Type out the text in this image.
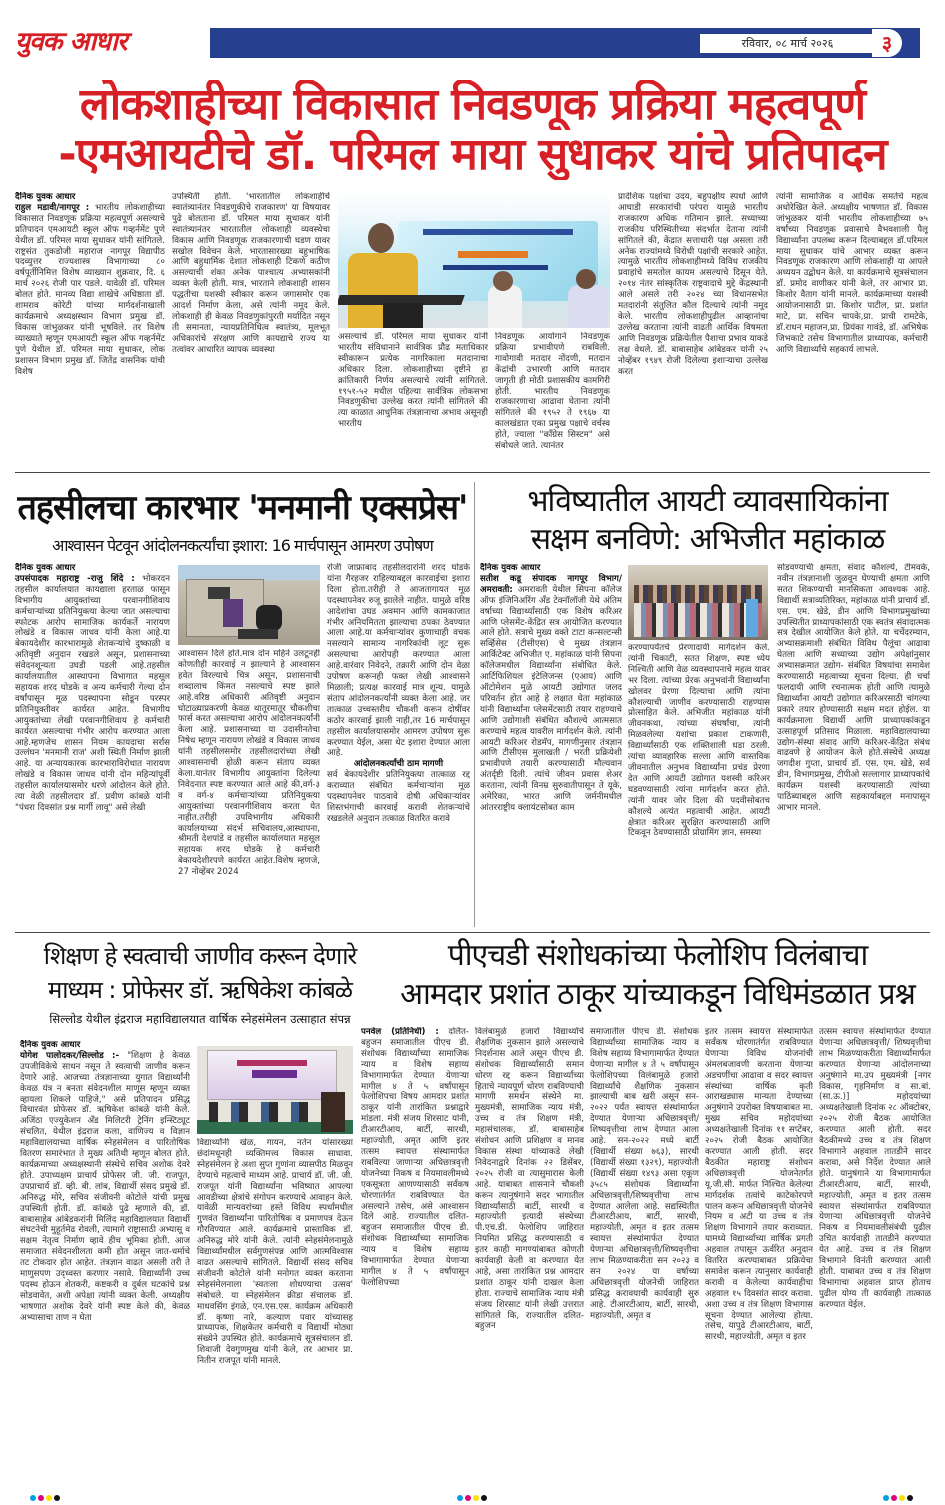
युवक आधार	रविवार, ०८ मार्च २०२६	३
लोकशाहीच्या विकासात निवडणूक प्रक्रिया महत्वपूर्ण
-एमआयटीचे डॉ. परिमल माया सुधाकर यांचे प्रतिपादन
दैनिक युवक आधार
राहुल मडावी/नागपूर : भारतीय लोकशाहीच्या विकासात निवडणूक प्रक्रिया महत्वपूर्ण असल्याचे प्रतिपादन एमआयटी स्कूल ऑफ गव्हर्नमेंट पुणे येथील डॉ. परिमल माया सुधाकर यांनी सांगितले. राष्ट्रसंत तुकडोजी महाराज नागपूर विद्यापीठ पदव्युत्तर राज्यशास्त्र विभागाच्या ८० वर्षपूर्तीनिमित्त विशेष व्याख्यान शुक्रवार, दि. ६ मार्च २०२६ रोजी पार पडले. यावेळी डॉ. परिमल बोलत होते. मानव्य विद्या शाखेचे अधिष्ठाता डॉ. शामराव कोरेटी यांच्या मार्गदर्शनाखाली कार्यक्रमाचे अध्यक्षस्थान विभाग प्रमुख डॉ. विकास जांभुळकर यांनी भूषविले. तर विशेष व्याख्याते म्हणून एमआयटी स्कूल ऑफ गव्हर्नमेंट पुणे येथील डॉ. परिमल माया सुधाकर, लोक प्रशासन विभाग प्रमुख डॉ. जितेंद्र वासनिक यांची विशेष
उपस्थिती होती. 'भारतातील लोकशाहीचे स्वातंत्र्यानंतर निवडणुकीचे राजकारण' या विषयावर पुढे बोलताना डॉ. परिमल माया सुधाकर यांनी स्वातंत्र्यानंतर भारतातील लोकशाही व्यवस्थेचा विकास आणि निवडणूक राजकारणाची घडण यावर सखोल विवेचन केले. भारतासारख्या बहुभाषिक आणि बहुधार्मिक देशात लोकशाही टिकणे कठीण असल्याची शंका अनेक पाश्चात्य अभ्यासकांनी व्यक्त केली होती. मात्र, भारताने लोकशाही शासन पद्धतीचा यशस्वी स्वीकार करून जगासमोर एक आदर्श निर्माण केला, असे त्यांनी नमूद केले. लोकशाही ही केवळ निवडणुकांपुरती मर्यादित नसून ती समानता, न्यायप्रतिनिधित्व स्वातंत्र्य, मूलभूत अधिकारांचे संरक्षण आणि कायद्याचे राज्य या तत्वांवर आधारित व्यापक व्यवस्था
असल्याचे डॉ. परिमल माया सुधाकर यांनी भारतीय संविधानाने सार्वत्रिक प्रौढ मताधिकार स्वीकारून प्रत्येक नागरिकाला मतदानाचा अधिकार दिला. लोकशाहीच्या दृष्टीने हा क्रांतिकारी निर्णय असल्याचे त्यांनी सांगितले. १९५१-५२ मधील पहिल्या सार्वत्रिक लोकसभा निवडणुकीचा उल्लेख करत त्यांनी सांगितले की त्या काळात आधुनिक तंत्रज्ञानाचा अभाव असूनही भारतीय
निवडणूक आयोगाने निवडणूक प्रक्रिया प्रभावीपणे राबविली. गावोगावी मतदार नोंदणी, मतदान केंद्रांची उभारणी आणि मतदार जागृती ही मोठी प्रशासकीय कामगिरी होती. भारतीय निवडणूक राजकारणाचा आढावा घेताना त्यांनी सांगितले की १९५२ ते १९६७ या कालखंडात एका प्रमुख पक्षाचे वर्चस्व होते, ज्याला "काँग्रेस सिस्टम" असे संबोधले जाते. त्यानंतर
प्रादेशिक पक्षांचा उदय, बहुपक्षीय स्पर्धा आणि आघाडी सरकारांची परंपरा यामुळे भारतीय राजकारण अधिक गतिमान झाले. सध्याच्या राजकीय परिस्थितीच्या संदर्भात देताना त्यांनी सांगितले की, केंद्रात सत्ताधारी पक्ष असला तरी अनेक राज्यांमध्ये विरोधी पक्षांची सरकारे आहेत. त्यामुळे भारतीय लोकशाहीमध्ये विविध राजकीय प्रवाहांचे समतोल कायम असल्याचे दिसून येते. २०१४ नंतर सांस्कृतिक राष्ट्रवादाचे मुद्दे केंद्रस्थानी आले असले तरी २०२४ च्या विधानसभेत मतदारांनी संतुलित कौल दिल्याचे त्यांनी नमूद केले. भारतीय लोकशाहीपुढील आव्हानांचा उल्लेख करताना त्यांनी वाढती आर्थिक विषमता आणि निवडणूक प्रक्रियेतील पैशाचा प्रभाव याकडे लक्ष वेधले. डॉ. बाबासाहेब आंबेडकर यांनी २५ नोव्हेंबर १९४९ रोजी दिलेल्या इशाऱ्याचा उल्लेख करत
त्यांनी सामाजिक व आर्थिक समतेचे महत्व अधोरेखित केले. अध्यक्षीय भाषणात डॉ. विकास जांभुळकर यांनी भारतीय लोकशाहीच्या ७५ वर्षांच्या निवडणूक प्रवासाचे वैभवशाली पैलू विद्यार्थ्यांना उपलब्ध करून दिल्याबद्दल डॉ.परिमल माया सुधाकर यांचे आभार व्यक्त करून निवडणूक राजकारण आणि लोकशाही या आपले अध्ययन उद्बोधन केले. या कार्यक्रमाचे सूत्रसंचालन डॉ. प्रमोद वाणीकर यांनी केले, तर आभार प्रा. किशोर वैताग यांनी मानले. कार्यक्रमाच्या यशस्वी आयोजनासाठी प्रा. किशोर पाटील, प्रा. प्रशांत माटे, प्रा. सचिन चापके,प्रा. प्राची रामटेके, डॉ.राधन महाजन,प्रा. प्रियंका गावंडे, डॉ. अभिषेक जिभकाटे तसेच विभागातील प्राध्यापक, कर्मचारी आणि विद्यार्थ्यांचे सहकार्य लाभले.
तहसीलचा कारभार 'मनमानी एक्सप्रेस'
आश्वासन पेटवून आंदोलनकर्त्यांचा इशारा: 16 मार्चपासून आमरण उपोषण
दैनिक युवक आधार
उपसंपादक महाराष्ट्र -राजु शिंदे : भोकरदन तहसील कार्यालयात कायद्याला हरताळ फासून विभागीय आयुक्तांच्या परवानगीशिवाय कर्मचाऱ्यांच्या प्रतिनियुक्त्या केल्या जात असल्याचा स्फोटक आरोप सामाजिक कार्यकर्ते नारायण लोखंडे व विकास जाधव यांनी केला आहे.या बेकायदेशीर कारभारामुळे शेतकऱ्यांचे दुष्काळी व अतिवृष्टी अनुदान रखडले असून, प्रशासनाच्या संवेदनशून्यता उघडी पडली आहे.तहसील कार्यालयातील आस्थापना विभागात महसूल सहायक शरद घोडके व अन्य कर्मचारी गेल्या दोन वर्षांपासून मूळ पदस्थापना सोडून परस्पर प्रतिनियुक्तीवर कार्यरत आहेत. विभागीय आयुक्तांच्या लेखी परवानगीशिवाय हे कर्मचारी कार्यरत असल्याचा गंभीर आरोप करण्यात आला आहे.म्हणजेच शासन नियम कायदाचा सर्रास उल्लंघन 'मनमानी राज' अशी स्थिती निर्माण झाली आहे. या अन्यायकारक कारभाराविरोधात नारायण लोखंडे व विकास जाधव यांनी दोन महिन्यांपूर्वी तहसील कार्यालयासमोर धरणे आंदोलन केले होते. त्या वेळी तहसीलदार डॉ. प्रवीण कांबळे यांनी "पंधरा दिवसांत प्रश्न मार्गी लावू" असे लेखी
आश्वासन दिले होते.मात्र दोन महिने उलटूनही कोणतीही कारवाई न झाल्याने हे आश्वासन हवेत विरल्याचे चित्र असून, प्रशासनाची शब्दालाच किंमत नसल्याचे स्पष्ट झाले आहे.वरिष्ठ अधिकारी अतिवृष्टी अनुदान घोटाळ्याप्रकरणी केवळ थातूरमातूर चौकशीचा फार्स करत असल्याचा आरोप आंदोलनकर्त्यांनी केला आहे. प्रशासनाच्या या उदासीनतेचा निषेध म्हणून नारायण लोखंडे व विकास जाधव यांनी तहसीलसमोर तहसीलदारांच्या लेखी आश्वासनाची होळी करून संताप व्यक्त केला.यानंतर विभागीय आयुक्तांना दिलेल्या निवेदनात स्पष्ट करण्यात आले आहे की,वर्ग-३ व वर्ग-४ कर्मचाऱ्यांच्या प्रतिनियुक्त्या आयुक्तांच्या परवानगीशिवाय करता येत नाहीत.तरीही उपविभागीय अधिकारी कार्यालयाच्या संदर्भ सचिवालय,आस्थापना, श्रीमती देशपांडे व तहसील कार्यालयात महसूल सहायक शरद घोडके हे कर्मचारी बेकायदेशीरपणे कार्यरत आहेत.विशेष म्हणजे, 27 नोव्हेंबर 2024
रोजी जाफ्राबाद तहसीलदारांनी शरद घोडके यांना गैरहजर राहिल्याबद्दल कारवाईचा इशारा दिला होता.तरीही ते आजतागायत मूळ पदस्थापनेवर रुजू झालेले नाहीत. यामुळे वरिष्ठ आदेशांचा उघड अवमान आणि कामकाजात गंभीर अनियमितता झाल्याचा ठपका ठेवण्यात आला आहे.या कर्मचाऱ्यांवर कुणाचाही वचक नसल्याने सामान्य नागरिकांची लूट सुरू असल्याचा आरोपही करण्यात आला आहे.वारंवार निवेदने, तक्रारी आणि दोन वेळा उपोषण करूनही फक्त लेखी आश्वासने मिळाली; प्रत्यक्ष कारवाई मात्र शून्य. यामुळे संताप आंदोलनकर्त्यांनी व्यक्त केला आहे. जर तात्काळ उच्चस्तरीय चौकशी करून दोषींवर कठोर कारवाई झाली नाही,तर 16 मार्चपासून तहसील कार्यालयासमोर आमरण उपोषण सुरू करण्यात येईल, असा थेट इशारा देण्यात आला आहे.
आंदोलनकर्त्यांची ठाम मागणी
सर्व बेकायदेशीर प्रतिनियुक्त्या तात्काळ रद्द कराव्यात संबंधित कर्मचाऱ्यांना मूळ पदस्थापनेवर पाठवावे दोषी अधिकाऱ्यांवर शिस्तभंगाची कारवाई करावी शेतकऱ्यांचे रखडलेले अनुदान तत्काळ वितरित करावे
भविष्यातील आयटी व्यावसायिकांना
सक्षम बनविणे: अभिजीत महांकाळ
दैनिक युवक आधार
सतीश कडू संपादक नागपूर विभाग/अमरावती: अमरावती येथील सिपना कॉलेज ऑफ इंजिनिअरिंग अँड टेक्नॉलॉजी येथे अंतिम वर्षाच्या विद्यार्थ्यांसाठी एक विशेष करिअर आणि प्लेसमेंट-केंद्रित सत्र आयोजित करण्यात आले होते. सत्राचे मुख्य वक्ते टाटा कन्सल्टन्सी सर्व्हिसेस (टीसीएस) चे मुख्य तंत्रज्ञान आर्किटेक्ट अभिजीत ए. महांकाळ यांनी सिपना कॉलेजमधील विद्यार्थ्यांना संबोधित केले. आर्टिफिशियल इंटेलिजन्स (एआय) आणि ऑटोमेशन मुळे आयटी उद्योगात जलद परिवर्तन होत आहे हे लक्षात घेता महांकाळ यांनी विद्यार्थ्यांना प्लेसमेंटसाठी तयार राहण्याचे आणि उद्योगाशी संबंधित कौशल्ये आत्मसात करण्याचे महत्व यावरील मार्गदर्शन केले. त्यांनी आयटी करिअर रोडमॅप, मागणीनुसार तंत्रज्ञान आणि टीसीएस मुलाखती / भरती प्रक्रियेशी प्रभावीपणे तयारी करण्यासाठी मौल्यवान अंतर्दृष्टी दिली. त्यांचे जीवन प्रवास शेअर करताना, त्यांनी विनम्र सुरुवातीपासून ते यूके, अमेरिका, भारत आणि जर्मनीमधील आंतरराष्ट्रीय क्लायंटसोबत काम
करण्यापर्यंतचे प्रेरणादायी मार्गदर्शन केले. त्यांनी चिकाटी, सतत शिक्षण, स्पष्ट ध्येय निश्चिती आणि वेळ व्यवस्थापनाचे महत्व यावर भर दिला. त्यांच्या प्रेरक अनुभवांनी विद्यार्थ्यांना खोलवर प्रेरणा दिल्याचा आणि त्यांना कौशल्याची जाणीव करण्यासाठी राहण्यास प्रोत्साहित केले. अभिजीत महांकाळ यांनी जीवनकथा, त्यांच्या संघर्षांचा, त्यांनी मिळवलेल्या यशांचा प्रकाश टाकणारी, विद्यार्थ्यांसाठी एक शक्तिशाली धडा ठरली. त्यांचा व्यावहारिक सल्ला आणि वास्तविक जीवनातील अनुभव विद्यार्थ्यांना प्रचंड प्रेरणा देत आणि आयटी उद्योगात यशस्वी करिअर घडवण्यासाठी त्यांना मार्गदर्शन करत होते. त्यांनी यावर जोर दिला की पदवीसोबतच कौशल्ये अत्यंत महत्वाची आहेत. आयटी क्षेत्रात करिअर सुरक्षित करण्यासाठी आणि टिकवून ठेवण्यासाठी प्रोग्रामिंग ज्ञान, समस्या
सोडवण्याची क्षमता, संवाद कौशल्ये, टीमवर्क, नवीन तंत्रज्ञानाशी जुळवून घेण्याची क्षमता आणि सतत शिकण्याची मानसिकता आवश्यक आहे. विद्यार्थी सत्राव्यतिरिक्त, महांकाळ यांनी प्राचार्य डॉ. एस. एम. खेडे, डीन आणि विभागप्रमुखांच्या उपस्थितीत प्राध्यापकांसाठी एक स्वतंत्र संवादात्मक सत्र देखील आयोजित केले होते. या चर्चेदरम्यान, अभ्यासक्रमाशी संबंधित विविध पैलूंचा आढावा घेतला आणि सध्याच्या उद्योग अपेक्षांनुसार अभ्यासक्रमात उद्योग- संबंधित विषयांचा समावेश करण्यासाठी महत्वाच्या सूचना दिल्या. ही चर्चा फलदायी आणि रचनात्मक होती आणि त्यामुळे विद्यार्थ्यांना आयटी उद्योगात करिअरसाठी चांगल्या प्रकारे तयार होण्यासाठी सक्षम मदत होईल. या कार्यक्रमाला विद्यार्थी आणि प्राध्यापकांकडून उत्साहपूर्ण प्रतिसाद मिळाला. महाविद्यालयाच्या उद्योग-संस्था संवाद आणि करिअर-केंद्रित संबंध वाढवणे हे आयोजन केले होते.संस्थेचे अध्यक्ष जगदीश गुप्ता, प्राचार्य डॉ. एस. एम. खेडे, सर्व डीन, विभागप्रमुख, टीपीओ सल्लागार प्राध्यापकांचे कार्यक्रम यशस्वी करण्यासाठी त्यांच्या पाठिंब्याबद्दल आणि सहकार्याबद्दल मनापासून आभार मानले.
शिक्षण हे स्वत्वाची जाणीव करून देणारे
माध्यम : प्रोफेसर डॉ. ऋषिकेश कांबळे
सिल्लोड येथील इंद्रराज महाविद्यालयात वार्षिक स्नेहसंमेलन उत्साहात संपन्न
दैनिक युवक आधार
योगेश पालोदकर/सिल्लोड :- "शिक्षण हे केवळ उपजीविकेचे साधन नसून ते स्वत्वाची जाणीव करून देणारे आहे. आजच्या तंत्रज्ञानाच्या युगात विद्यार्थ्यांनी केवळ यंत्र न बनता संवेदनशील माणूस म्हणून व्यक्त व्हायला शिकले पाहिजे," असे प्रतिपादन प्रसिद्ध विचारवंत प्रोफेसर डॉ. ऋषिकेश कांबळे यांनी केले. अजिंठा एज्युकेशन अँड मिलिटरी ट्रेनिंग इन्स्टिट्यूट संचलित, येथील इंद्रराज कला, वाणिज्य व विज्ञान महाविद्यालयाच्या वार्षिक स्नेहसंमेलन व पारितोषिक वितरण समारंभात ते मुख्य अतिथी म्हणून बोलत होते. कार्यक्रमाच्या अध्यक्षस्थानी संस्थेचे सचिव अशोक देवरे होते. उपाध्यक्षम प्राचार्य प्रोफेसर जी. जी. राजपूत, उपप्राचार्य डॉ. व्ही. बी. लांब, विद्यार्थी संसद प्रमुखे डॉ. अनिरुद्ध मोरे, सचिव संजीवनी कोटोले यांची प्रमुख उपस्थिती होती. डॉ. कांबळे पुढे म्हणाले की, डॉ. बाबासाहेब आंबेडकरांनी मिलिंद महाविद्यालयात विद्यार्थी संघटनेची मुहूर्तमेढ रोवली, त्यामागे राष्ट्रासाठी अभ्यासू व सक्षम नेतृत्व निर्माण व्हावे हीच भूमिका होती. आज समाजात संवेदनशीलता कमी होत असून जात-धर्माचे तट टोकदार होत आहेत. तंत्रज्ञान वाढत असली तरी ते माणुसपण उद्ध्वस्त करणार नसावे. विद्यार्थ्यांनी उच्च पदस्थ होऊन शेतकरी, कष्टकरी व दुर्बल घटकांचे प्रश्न सोडवावेत, अशी अपेक्षा त्यांनी व्यक्त केली. अध्यक्षीय भाषणात अशोक देवरे यांनी स्पष्ट केले की, केवळ अभ्यासाचा ताण न घेता
विद्यार्थ्यांनी खेळ, गायन, नर्तन यांसारख्या छंदांमधूनही व्यक्तिमत्त्व विकास साधावा. स्नेहसंमेलन हे अशा सुप्त गुणांना व्यासपीठ मिळवून देण्याचे महत्वाचे माध्यम आहे. प्राचार्य डॉ. जी. जी. राजपूत यांनी विद्यार्थ्यांना भविष्यात आपल्या आवडीच्या क्षेत्रांचे संगोपन करण्याचे आवाहन केले. यावेळी मान्यवरांच्या हस्ते विविध स्पर्धांमधील गुणवंत विद्यार्थ्यांना पारितोषिक व प्रमाणपत्र देऊन गौरविण्यात आले. कार्यक्रमाचे प्रास्ताविक डॉ. अनिरुद्ध मोरे यांनी केले. त्यांनी स्नेहसंमेलनामुळे विद्यार्थ्यांमधील सर्वगुणसंपन्न आणि आत्मविश्वास वाढत असल्याचे सांगितले. विद्यार्थी संसद सचिव संजीवनी कोटोले यांनी मनोगत व्यक्त करताना स्नेहसंमेलनाला 'स्वतःला शोधण्याचा उत्सव' संबोधले. या स्नेहसंमेलन क्रीडा संचालक डॉ. माधवसिंग इंगळे, एन.एस.एस. कार्यक्रम अधिकारी डॉ. कृष्णा नारे, कल्याण पवार यांच्यासह प्राध्यापक, शिक्षकेतर कर्मचारी व विद्यार्थी मोठ्या संख्येने उपस्थित होते. कार्यक्रमाचे सूत्रसंचालन डॉ. शिवाजी देवगुणमुख यांनी केले, तर आभार प्रा. नितीन राजपूत यांनी मानले.
पीएचडी संशोधकांच्या फेलोशिप विलंबाचा
आमदार प्रशांत ठाकूर यांच्याकडून विधिमंडळात प्रश्न
पनवेल (प्रतिनिधी) : दलित-बहुजन समाजातील पीएच डी. संशोधक विद्यार्थ्यांच्या सामाजिक न्याय व विशेष सहाय्य विभागामार्फत देण्यात येणाऱ्या मागील ४ ते ५ वर्षांपासून फेलोशिपचा विषय आमदार प्रशांत ठाकूर यांनी तारांकित प्रश्नाद्वारे मांडला. मंत्री संजय शिरसाट यांनी, टीआरटीआय, बार्टी, सारथी, महाज्योती, अमृत आणि इतर तत्सम स्वायत्त संस्थामार्फत राबविल्या जाणाऱ्या अधिछात्रवृत्ती योजनेच्या निकष व नियमावलीमध्ये एकसूत्रता आणण्यासाठी सर्वंकष धोरणातंर्गत राबविण्यात येत असल्याने तसेच, असे आश्वासन दिले आहे. राज्यातील दलित-बहुजन समाजातील पीएच डी. संशोधक विद्यार्थ्यांच्या सामाजिक न्याय व विशेष सहाय्य विभागामार्फत देण्यात येणाऱ्या मागील ४ ते ५ वर्षांपासून फेलोशिपच्या
विलंबामुळे हजारो विद्यार्थ्यांचे शैक्षणिक नुकसान झाले असल्याचे निदर्शनास आले असून पीएच डी. संशोधक विद्यार्थ्यांसाठी समान धोरण रद्द करून विद्यार्थ्यांच्या हिताचे न्यायपूर्ण धोरण राबविण्याची मागणी समर्थन संस्थेने मा. मुख्यमंत्री, सामाजिक न्याय मंत्री, उच्च व तंत्र शिक्षण मंत्री, महासंचालक, डॉ. बाबासाहेब संशोधन आणि प्रशिक्षण व मानव विकास संस्था यांच्याकडे लेखी निवेदनाद्वारे दिनांक २२ डिसेंबर, २०२५ रोजी वा त्यासुमारास केली आहे. याबाबत शासनाने चौकशी करून त्यानुषंगाने सदर भागातील विद्यार्थ्यांसाठी बार्टी, सारथी व महाज्योती इत्यादी संस्थेच्या पी.एच.डी. फेलोशिप जाहिरात नियमित प्रसिद्ध करण्यासाठी व इतर काही मागण्यांबाबत कोणती कार्यवाही केली वा करण्यात येत आहे, असा तारांकित प्रश्न आमदार प्रशांत ठाकूर यांनी दाखल केला होता. राज्याचे सामाजिक न्याय मंत्री संजय शिरसाट यांनी लेखी उत्तरात सांगितले कि, राज्यातील दलित-बहुजन
समाजातील पीएच डी. संशोधक विद्यार्थ्यांच्या सामाजिक न्याय व विशेष सहाय्य विभागामार्फत देण्यात येणाऱ्या मागील ४ ते ५ वर्षांपासून फेलोशिपच्या विलंबामुळे हजारो विद्यार्थ्यांचे शैक्षणिक नुकसान झाल्याची बाब खरी असून सन- २०२२ पर्यंत स्वायत्त संस्थांमार्फत देण्यात येणाऱ्या अधिछात्रवृत्ती/ शिष्यवृत्तीचा लाभ देण्यात आला आहे. सन-२०२२ मध्ये बार्टी (विद्यार्थी संख्या ७६३), सारथी (विद्यार्थी संख्या १३२९), महाज्योती (विद्यार्थी संख्या १४९३ असा एकूण ३५८५ संशोधक विद्यार्थ्यांना अधिछात्रवृत्ती/शिष्यवृत्तीचा लाभ देण्यात आलेला आहे. सद्यस्थितीत टीआरटीआय, बार्टी, सारथी, महाज्योती, अमृत व इतर तत्सम स्वायत्त संस्थांमार्फत देण्यात येणाऱ्या अधिछात्रवृत्ती/शिष्यवृत्तीचा लाभ मिळण्याकरीता सन २०२३ व सन २०२४ या वर्षाच्या अधिछात्रवृत्ती योजनेची जाहिरात प्रसिद्ध करावयाची कार्यवाही सुरु आहे. टीआरटीआय, बार्टी, सारथी, महाज्योती, अमृत व
इतर तत्सम स्वायत्त संस्थामार्फत सर्वंकष धोरणातंर्गत राबविण्यात येणाऱ्या विविध योजनांची अंमलबजावणी करताना येणाऱ्या अडचणींचा आढावा व सदर स्वायत्त संस्थांच्या वार्षिक कृती आराखड्यास मान्यता देण्याच्या अनुषंगाने उपरोक्त विषयाबाबत मा. मुख्य सचिव महोदयांच्या अध्यक्षतेखाली दिनांक ११ सप्टेंबर, २०२५ रोजी बैठक आयोजित करण्यात आली होती. सदर बैठकीत महाराष्ट्र संशोधन अधिछात्रवृत्ती योजनेतर्गत यू.जी.सी. मार्फत निश्चित केलेल्या मार्गदर्शक तत्वांचे काटेकोरपणे पालन करून अधिछात्रवृत्ती योजनेचे नियम व अटी या उच्च व तंत्र शिक्षण विभागाने तयार कराव्यात. यामध्ये विद्यार्थ्यांच्या वार्षिक प्रगती अहवाल तपासून ऊर्वरित अनुदान वितरित करण्याबाबत प्रक्रियेचा समावेश करून त्यानुसार कार्यवाही करावी व केलेल्या कार्यवाहीचा अहवाल १५ दिवसांत सादर करावा. अशा उच्च व तंत्र शिक्षण विभागास सूचना देण्यात आलेल्या होत्या. तसेच, यापुढे टीआरटीआय, बार्टी, सारथी, महाज्योती, अमृत व इतर
तत्सम स्वायत्त संस्थांमार्फत देण्यात येणाऱ्या अधिछात्रवृत्ती/ शिष्यवृत्तीचा लाभ मिळण्याकरीता विद्यार्थ्यांमार्फत करण्यात येणाऱ्या आंदोलनाच्या अनुषंगाने मा.उप मुख्यमंत्री [नगर विकास, गृहनिर्माण व सा.बां. (सा.ऊ.)] महोदयांच्या अध्यक्षतेखाली दिनांक २८ ऑक्टोबर, २०२५ रोजी बैठक आयोजित करण्यात आली होती. सदर बैठकीमध्ये उच्च व तंत्र शिक्षण विभागाने अहवाल तातडीने सादर करावा, असे निर्देश देण्यात आले होते. यानुषंगाने या विभागामार्फत टीआरटीआय, बार्टी, सारथी, महाज्योती, अमृत व इतर तत्सम स्वायत्त संस्थांमार्फत राबविण्यात येणाऱ्या अधिछात्रवृत्ती योजनेचे निकष व नियमावलीसंबंधी पुढील उचित कार्यवाही तातडीने करण्यात येत आहे. उच्च व तंत्र शिक्षण विभागाने विनंती करण्यात आली होती. याबाबत उच्च व तंत्र शिक्षण विभागाचा अहवाल प्राप्त होताच पुढील योग्य ती कार्यवाही तात्काळ करण्यात येईल.
